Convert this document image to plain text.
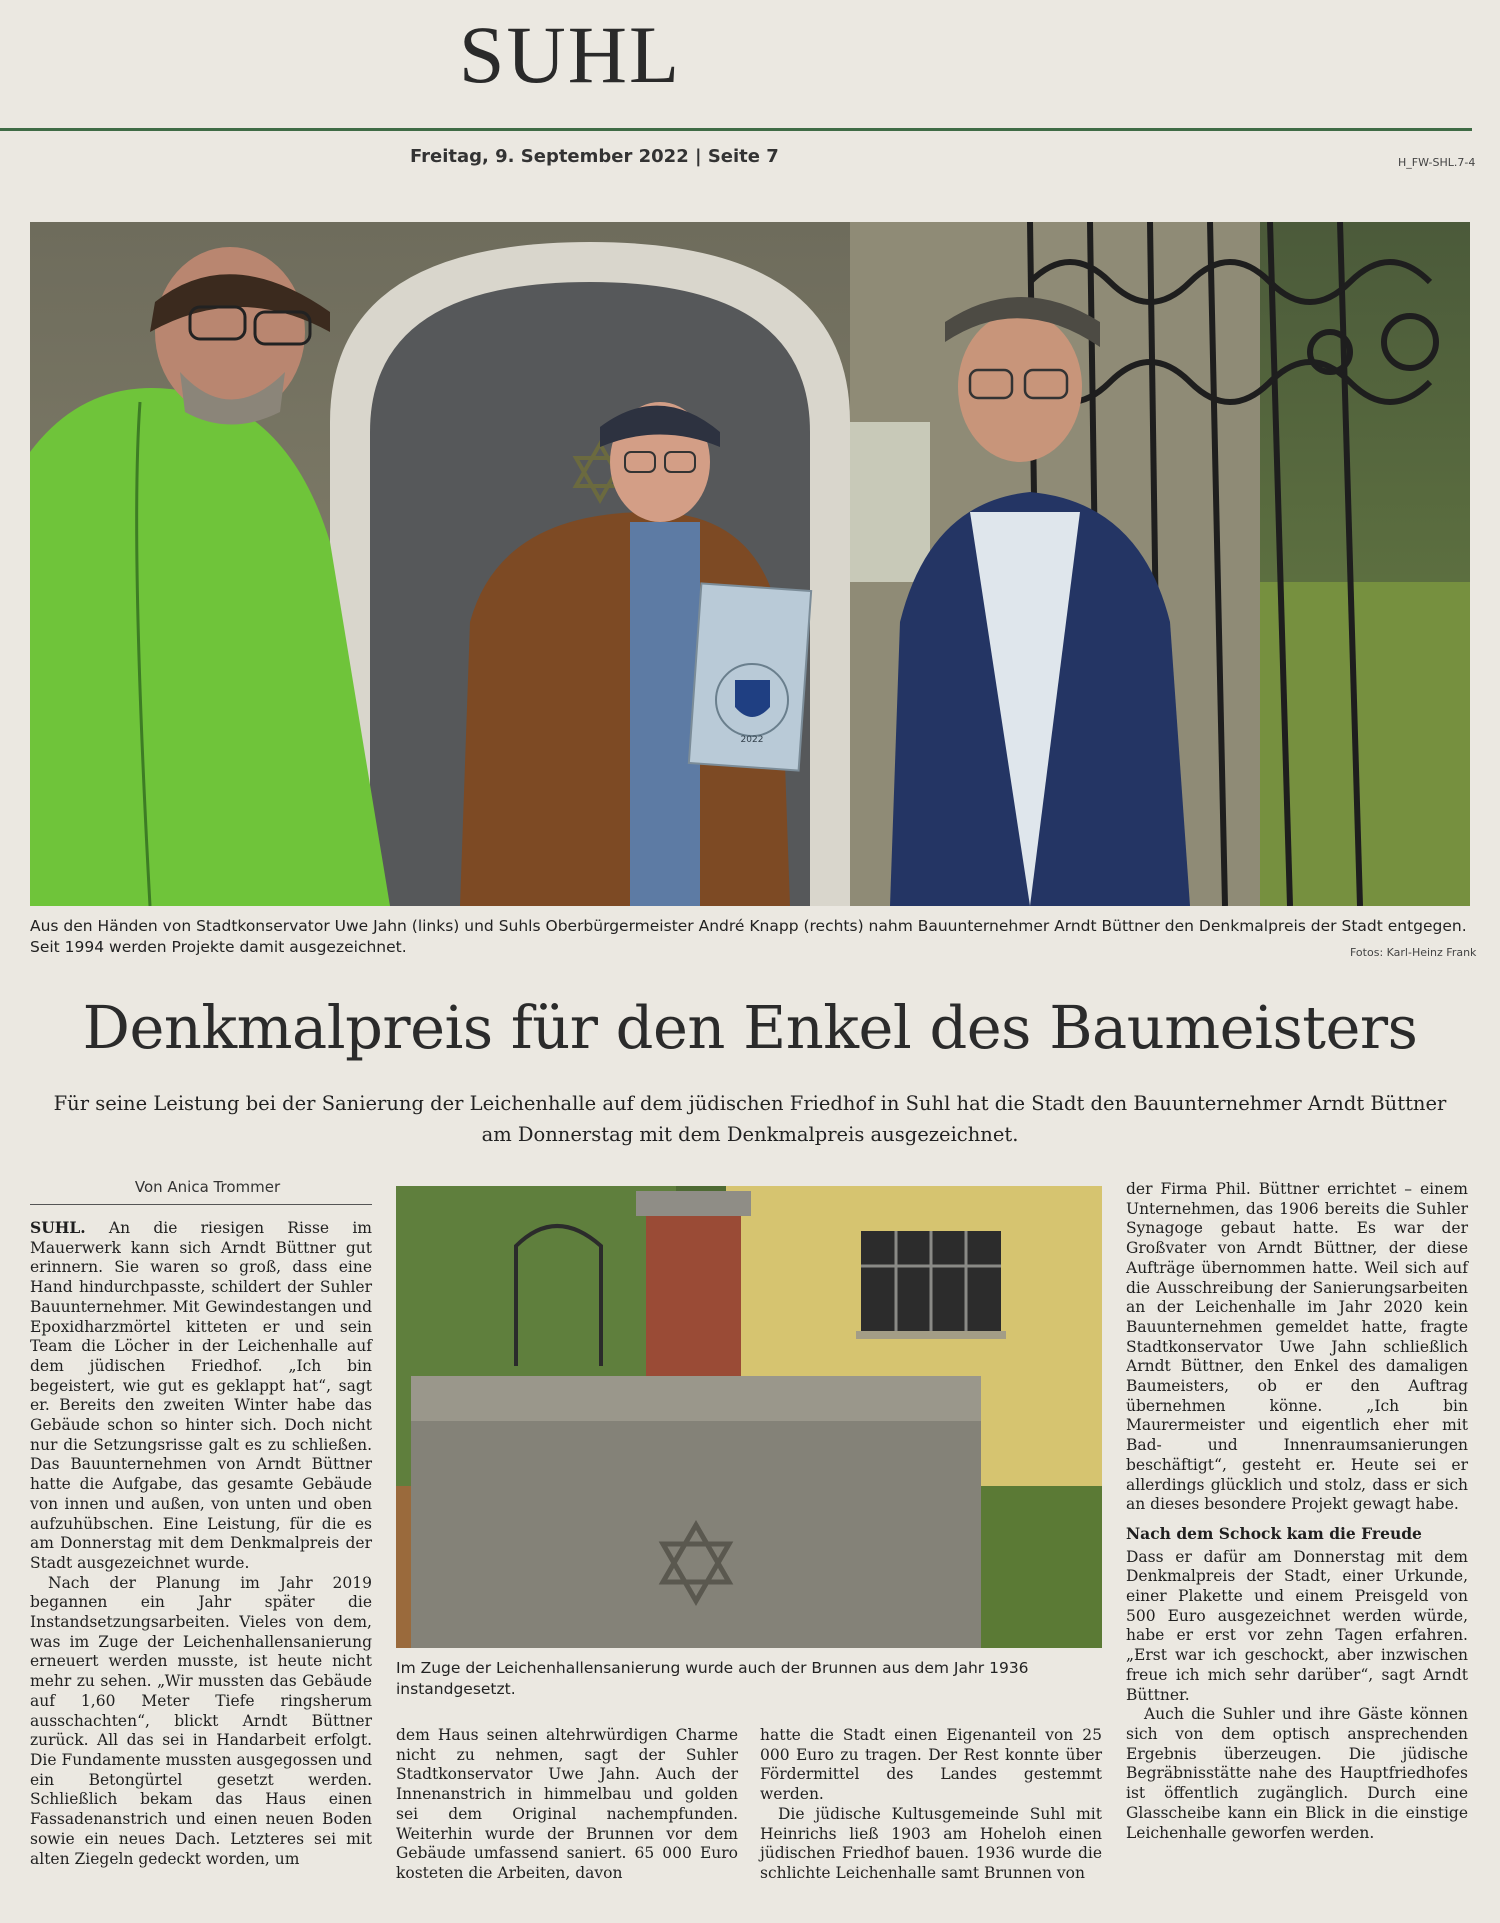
SUHL
Freitag, 9. September 2022 | Seite 7	H_FW-SHL.7-4
2022
Aus den Händen von Stadtkonservator Uwe Jahn (links) und Suhls Oberbürgermeister André Knapp (rechts) nahm Bauunternehmer Arndt Büttner den Denkmalpreis der Stadt entgegen. Seit 1994 werden Projekte damit ausgezeichnet.	Fotos: Karl-Heinz Frank
Denkmalpreis für den Enkel des Baumeisters
Für seine Leistung bei der Sanierung der Leichenhalle auf dem jüdischen Friedhof in Suhl hat die Stadt den Bauunternehmer Arndt Büttner am Donnerstag mit dem Denkmalpreis ausgezeichnet.
Von Anica Trommer

SUHL. An die riesigen Risse im Mauerwerk kann sich Arndt Büttner gut erinnern. Sie waren so groß, dass eine Hand hindurchpasste, schildert der Suhler Bauunternehmer. Mit Gewindestangen und Epoxidharzmörtel kitteten er und sein Team die Löcher in der Leichenhalle auf dem jüdischen Friedhof. „Ich bin begeistert, wie gut es geklappt hat“, sagt er. Bereits den zweiten Winter habe das Gebäude schon so hinter sich. Doch nicht nur die Setzungsrisse galt es zu schließen. Das Bauunternehmen von Arndt Büttner hatte die Aufgabe, das gesamte Gebäude von innen und außen, von unten und oben aufzuhübschen. Eine Leistung, für die es am Donnerstag mit dem Denkmalpreis der Stadt ausgezeichnet wurde.

Nach der Planung im Jahr 2019 begannen ein Jahr später die Instandsetzungsarbeiten. Vieles von dem, was im Zuge der Leichenhallensanierung erneuert werden musste, ist heute nicht mehr zu sehen. „Wir mussten das Gebäude auf 1,60 Meter Tiefe ringsherum ausschachten“, blickt Arndt Büttner zurück. All das sei in Handarbeit erfolgt. Die Fundamente mussten ausgegossen und ein Betongürtel gesetzt werden. Schließlich bekam das Haus einen Fassadenanstrich und einen neuen Boden sowie ein neues Dach. Letzteres sei mit alten Ziegeln gedeckt worden, um

Im Zuge der Leichenhallensanierung wurde auch der Brunnen aus dem Jahr 1936 instandgesetzt.

dem Haus seinen altehrwürdigen Charme nicht zu nehmen, sagt der Suhler Stadtkonservator Uwe Jahn. Auch der Innenanstrich in himmelbau und golden sei dem Original nachempfunden. Weiterhin wurde der Brunnen vor dem Gebäude umfassend saniert. 65 000 Euro kosteten die Arbeiten, davon

hatte die Stadt einen Eigenanteil von 25 000 Euro zu tragen. Der Rest konnte über Fördermittel des Landes gestemmt werden.

Die jüdische Kultusgemeinde Suhl mit Heinrichs ließ 1903 am Hoheloh einen jüdischen Friedhof bauen. 1936 wurde die schlichte Leichenhalle samt Brunnen von

der Firma Phil. Büttner errichtet – einem Unternehmen, das 1906 bereits die Suhler Synagoge gebaut hatte. Es war der Großvater von Arndt Büttner, der diese Aufträge übernommen hatte. Weil sich auf die Ausschreibung der Sanierungsarbeiten an der Leichenhalle im Jahr 2020 kein Bauunternehmen gemeldet hatte, fragte Stadtkonservator Uwe Jahn schließlich Arndt Büttner, den Enkel des damaligen Baumeisters, ob er den Auftrag übernehmen könne. „Ich bin Maurermeister und eigentlich eher mit Bad- und Innenraumsanierungen beschäftigt“, gesteht er. Heute sei er allerdings glücklich und stolz, dass er sich an dieses besondere Projekt gewagt habe.

Nach dem Schock kam die Freude

Dass er dafür am Donnerstag mit dem Denkmalpreis der Stadt, einer Urkunde, einer Plakette und einem Preisgeld von 500 Euro ausgezeichnet werden würde, habe er erst vor zehn Tagen erfahren. „Erst war ich geschockt, aber inzwischen freue ich mich sehr darüber“, sagt Arndt Büttner.

Auch die Suhler und ihre Gäste können sich von dem optisch ansprechenden Ergebnis überzeugen. Die jüdische Begräbnisstätte nahe des Hauptfriedhofes ist öffentlich zugänglich. Durch eine Glasscheibe kann ein Blick in die einstige Leichenhalle geworfen werden.
